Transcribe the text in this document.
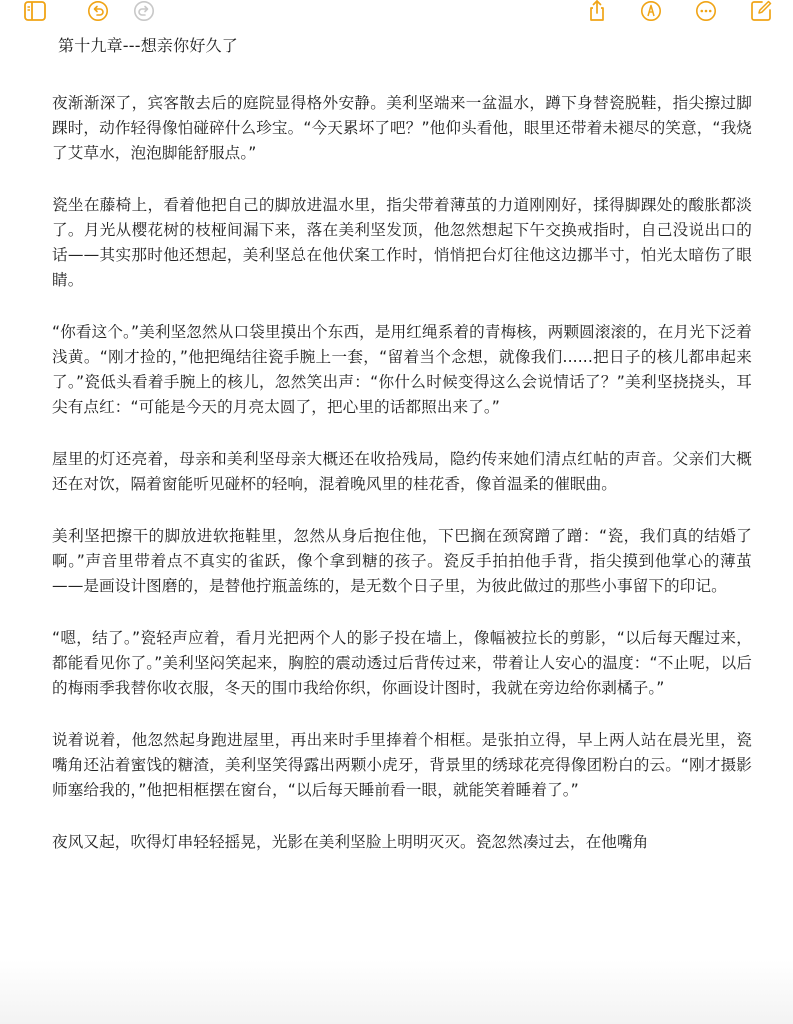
第十九章---想亲你好久了

夜渐渐深了，宾客散去后的庭院显得格外安静。美利坚端来一盆温水，蹲下身替瓷脱鞋，指尖擦过脚踝时，动作轻得像怕碰碎什么珍宝。“今天累坏了吧？”他仰头看他，眼里还带着未褪尽的笑意，“我烧了艾草水，泡泡脚能舒服点。”

瓷坐在藤椅上，看着他把自己的脚放进温水里，指尖带着薄茧的力道刚刚好，揉得脚踝处的酸胀都淡了。月光从樱花树的枝桠间漏下来，落在美利坚发顶，他忽然想起下午交换戒指时，自己没说出口的话——其实那时他还想起，美利坚总在他伏案工作时，悄悄把台灯往他这边挪半寸，怕光太暗伤了眼睛。

“你看这个。”美利坚忽然从口袋里摸出个东西，是用红绳系着的青梅核，两颗圆滚滚的，在月光下泛着浅黄。“刚才捡的，”他把绳结往瓷手腕上一套，“留着当个念想，就像我们......把日子的核儿都串起来了。”瓷低头看着手腕上的核儿，忽然笑出声：“你什么时候变得这么会说情话了？”美利坚挠挠头，耳尖有点红：“可能是今天的月亮太圆了，把心里的话都照出来了。”

屋里的灯还亮着，母亲和美利坚母亲大概还在收拾残局，隐约传来她们清点红帖的声音。父亲们大概还在对饮，隔着窗能听见碰杯的轻响，混着晚风里的桂花香，像首温柔的催眠曲。

美利坚把擦干的脚放进软拖鞋里，忽然从身后抱住他，下巴搁在颈窝蹭了蹭：“瓷，我们真的结婚了啊。”声音里带着点不真实的雀跃，像个拿到糖的孩子。瓷反手拍拍他手背，指尖摸到他掌心的薄茧——是画设计图磨的，是替他拧瓶盖练的，是无数个日子里，为彼此做过的那些小事留下的印记。

“嗯，结了。”瓷轻声应着，看月光把两个人的影子投在墙上，像幅被拉长的剪影，“以后每天醒过来，都能看见你了。”美利坚闷笑起来，胸腔的震动透过后背传过来，带着让人安心的温度：“不止呢，以后的梅雨季我替你收衣服，冬天的围巾我给你织，你画设计图时，我就在旁边给你剥橘子。”

说着说着，他忽然起身跑进屋里，再出来时手里捧着个相框。是张拍立得，早上两人站在晨光里，瓷嘴角还沾着蜜饯的糖渣，美利坚笑得露出两颗小虎牙，背景里的绣球花亮得像团粉白的云。“刚才摄影师塞给我的，”他把相框摆在窗台，“以后每天睡前看一眼，就能笑着睡着了。”

夜风又起，吹得灯串轻轻摇晃，光影在美利坚脸上明明灭灭。瓷忽然凑过去，在他嘴角
